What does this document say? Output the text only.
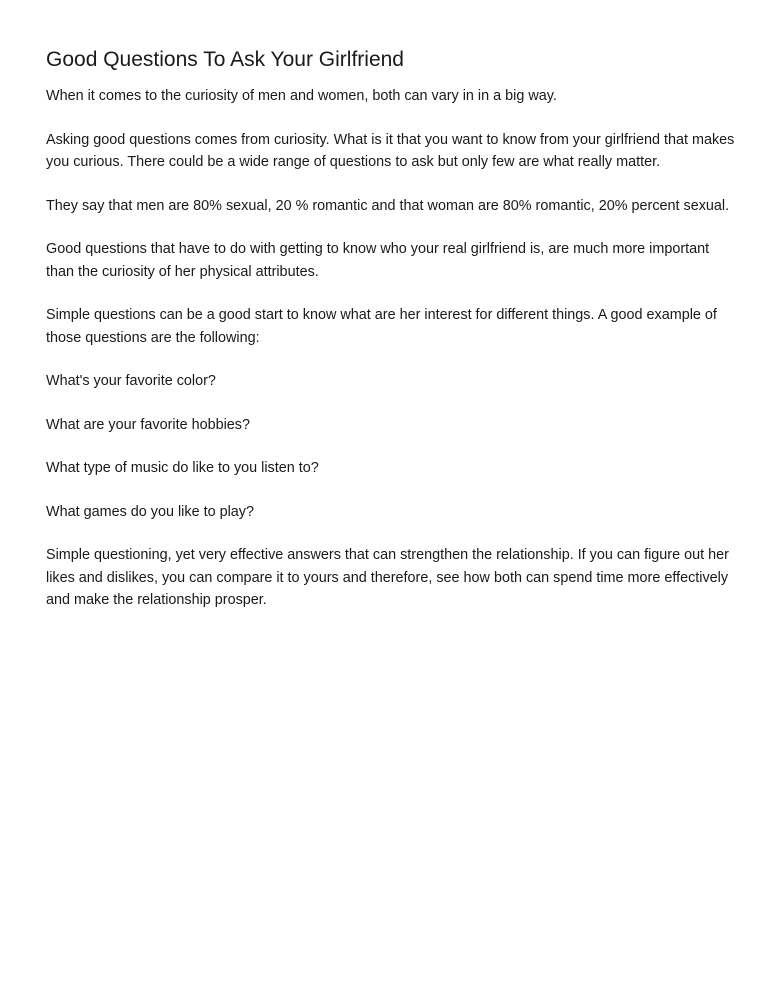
Good Questions To Ask Your Girlfriend

When it comes to the curiosity of men and women, both can vary in in a big way.

Asking good questions comes from curiosity. What is it that you want to know from your girlfriend that makes you curious. There could be a wide range of questions to ask but only few are what really matter.

They say that men are 80% sexual, 20 % romantic and that woman are 80% romantic, 20% percent sexual.

Good questions that have to do with getting to know who your real girlfriend is, are much more important than the curiosity of her physical attributes.

Simple questions can be a good start to know what are her interest for different things. A good example of those questions are the following:

What's your favorite color?

What are your favorite hobbies?

What type of music do like to you listen to?

What games do you like to play?

Simple questioning, yet very effective answers that can strengthen the relationship. If you can figure out her likes and dislikes, you can compare it to yours and therefore, see how both can spend time more effectively and make the relationship prosper.
